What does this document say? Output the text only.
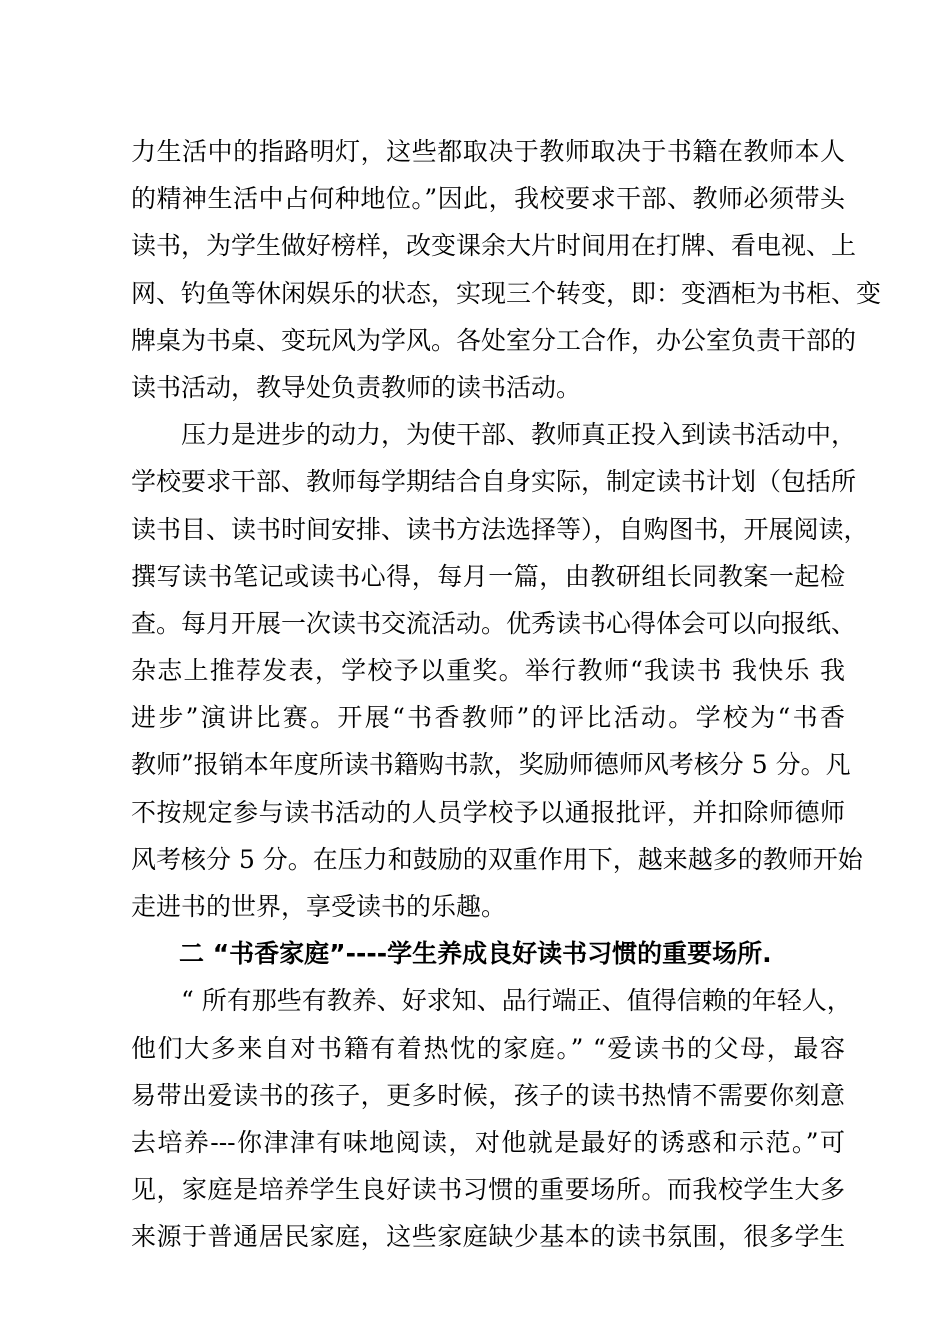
力生活中的指路明灯，这些都取决于教师取决于书籍在教师本人
的精神生活中占何种地位。”因此，我校要求干部、教师必须带头
读书，为学生做好榜样，改变课余大片时间用在打牌、看电视、上
网、钓鱼等休闲娱乐的状态，实现三个转变，即：变酒柜为书柜、变
牌桌为书桌、变玩风为学风。各处室分工合作，办公室负责干部的
读书活动，教导处负责教师的读书活动。
　　压力是进步的动力，为使干部、教师真正投入到读书活动中，
学校要求干部、教师每学期结合自身实际，制定读书计划（包括所
读书目、读书时间安排、读书方法选择等），自购图书，开展阅读，
撰写读书笔记或读书心得，每月一篇，由教研组长同教案一起检
查。每月开展一次读书交流活动。优秀读书心得体会可以向报纸、
杂志上推荐发表，学校予以重奖。举行教师“我读书 我快乐 我
进步”演讲比赛。开展“书香教师”的评比活动。学校为“书香
教师”报销本年度所读书籍购书款，奖励师德师风考核分 5 分。凡
不按规定参与读书活动的人员学校予以通报批评，并扣除师德师
风考核分 5 分。在压力和鼓励的双重作用下，越来越多的教师开始
走进书的世界，享受读书的乐趣。
二 “书香家庭”----学生养成良好读书习惯的重要场所.
　　“ 所有那些有教养、好求知、品行端正、值得信赖的年轻人，
他们大多来自对书籍有着热忱的家庭。” “爱读书的父母，最容
易带出爱读书的孩子，更多时候，孩子的读书热情不需要你刻意
去培养---你津津有味地阅读，对他就是最好的诱惑和示范。”可
见，家庭是培养学生良好读书习惯的重要场所。而我校学生大多
来源于普通居民家庭，这些家庭缺少基本的读书氛围，很多学生
